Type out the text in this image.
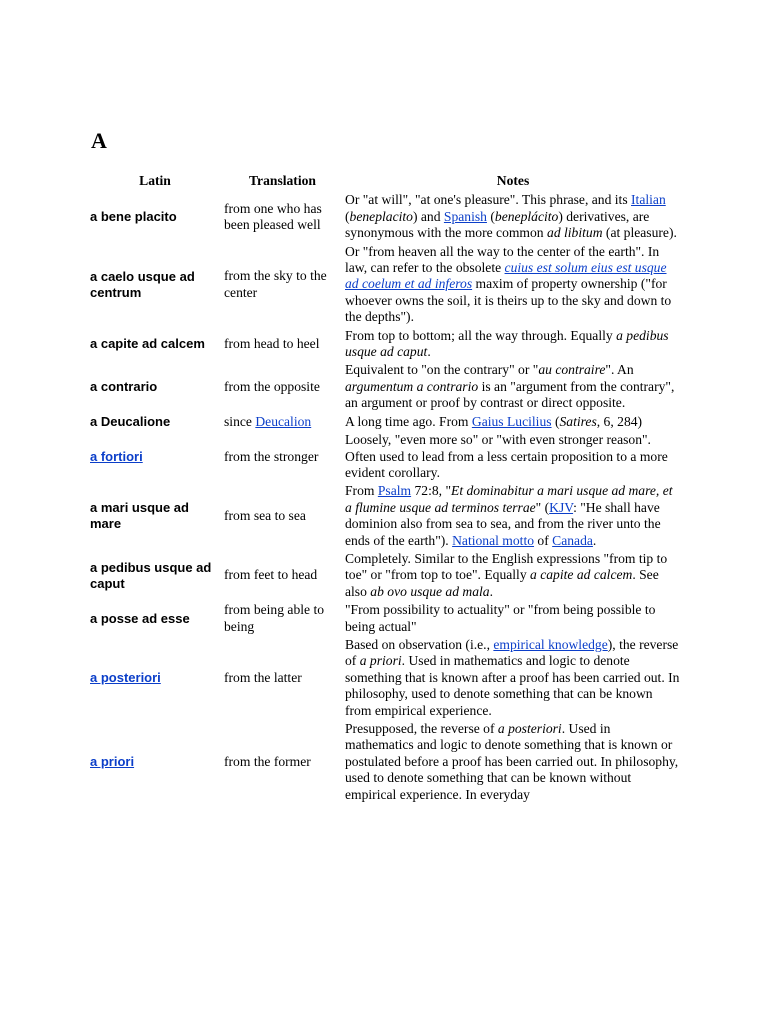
A
Latin	Translation	Notes
a bene placito	from one who has been pleased well	Or "at will", "at one's pleasure". This phrase, and its Italian (beneplacito) and Spanish (beneplácito) derivatives, are synonymous with the more common ad libitum (at pleasure).
a caelo usque ad centrum	from the sky to the center	Or "from heaven all the way to the center of the earth". In law, can refer to the obsolete cuius est solum eius est usque ad coelum et ad inferos maxim of property ownership ("for whoever owns the soil, it is theirs up to the sky and down to the depths").
a capite ad calcem	from head to heel	From top to bottom; all the way through. Equally a pedibus usque ad caput.
a contrario	from the opposite	Equivalent to "on the contrary" or "au contraire". An argumentum a contrario is an "argument from the contrary", an argument or proof by contrast or direct opposite.
a Deucalione	since Deucalion	A long time ago. From Gaius Lucilius (Satires, 6, 284)
a fortiori	from the stronger	Loosely, "even more so" or "with even stronger reason". Often used to lead from a less certain proposition to a more evident corollary.
a mari usque ad mare	from sea to sea	From Psalm 72:8, "Et dominabitur a mari usque ad mare, et a flumine usque ad terminos terrae" (KJV: "He shall have dominion also from sea to sea, and from the river unto the ends of the earth"). National motto of Canada.
a pedibus usque ad caput	from feet to head	Completely. Similar to the English expressions "from tip to toe" or "from top to toe". Equally a capite ad calcem. See also ab ovo usque ad mala.
a posse ad esse	from being able to being	"From possibility to actuality" or "from being possible to being actual"
a posteriori	from the latter	Based on observation (i.e., empirical knowledge), the reverse of a priori. Used in mathematics and logic to denote something that is known after a proof has been carried out. In philosophy, used to denote something that can be known from empirical experience.
a priori	from the former	Presupposed, the reverse of a posteriori. Used in mathematics and logic to denote something that is known or postulated before a proof has been carried out. In philosophy, used to denote something that can be known without empirical experience. In everyday
